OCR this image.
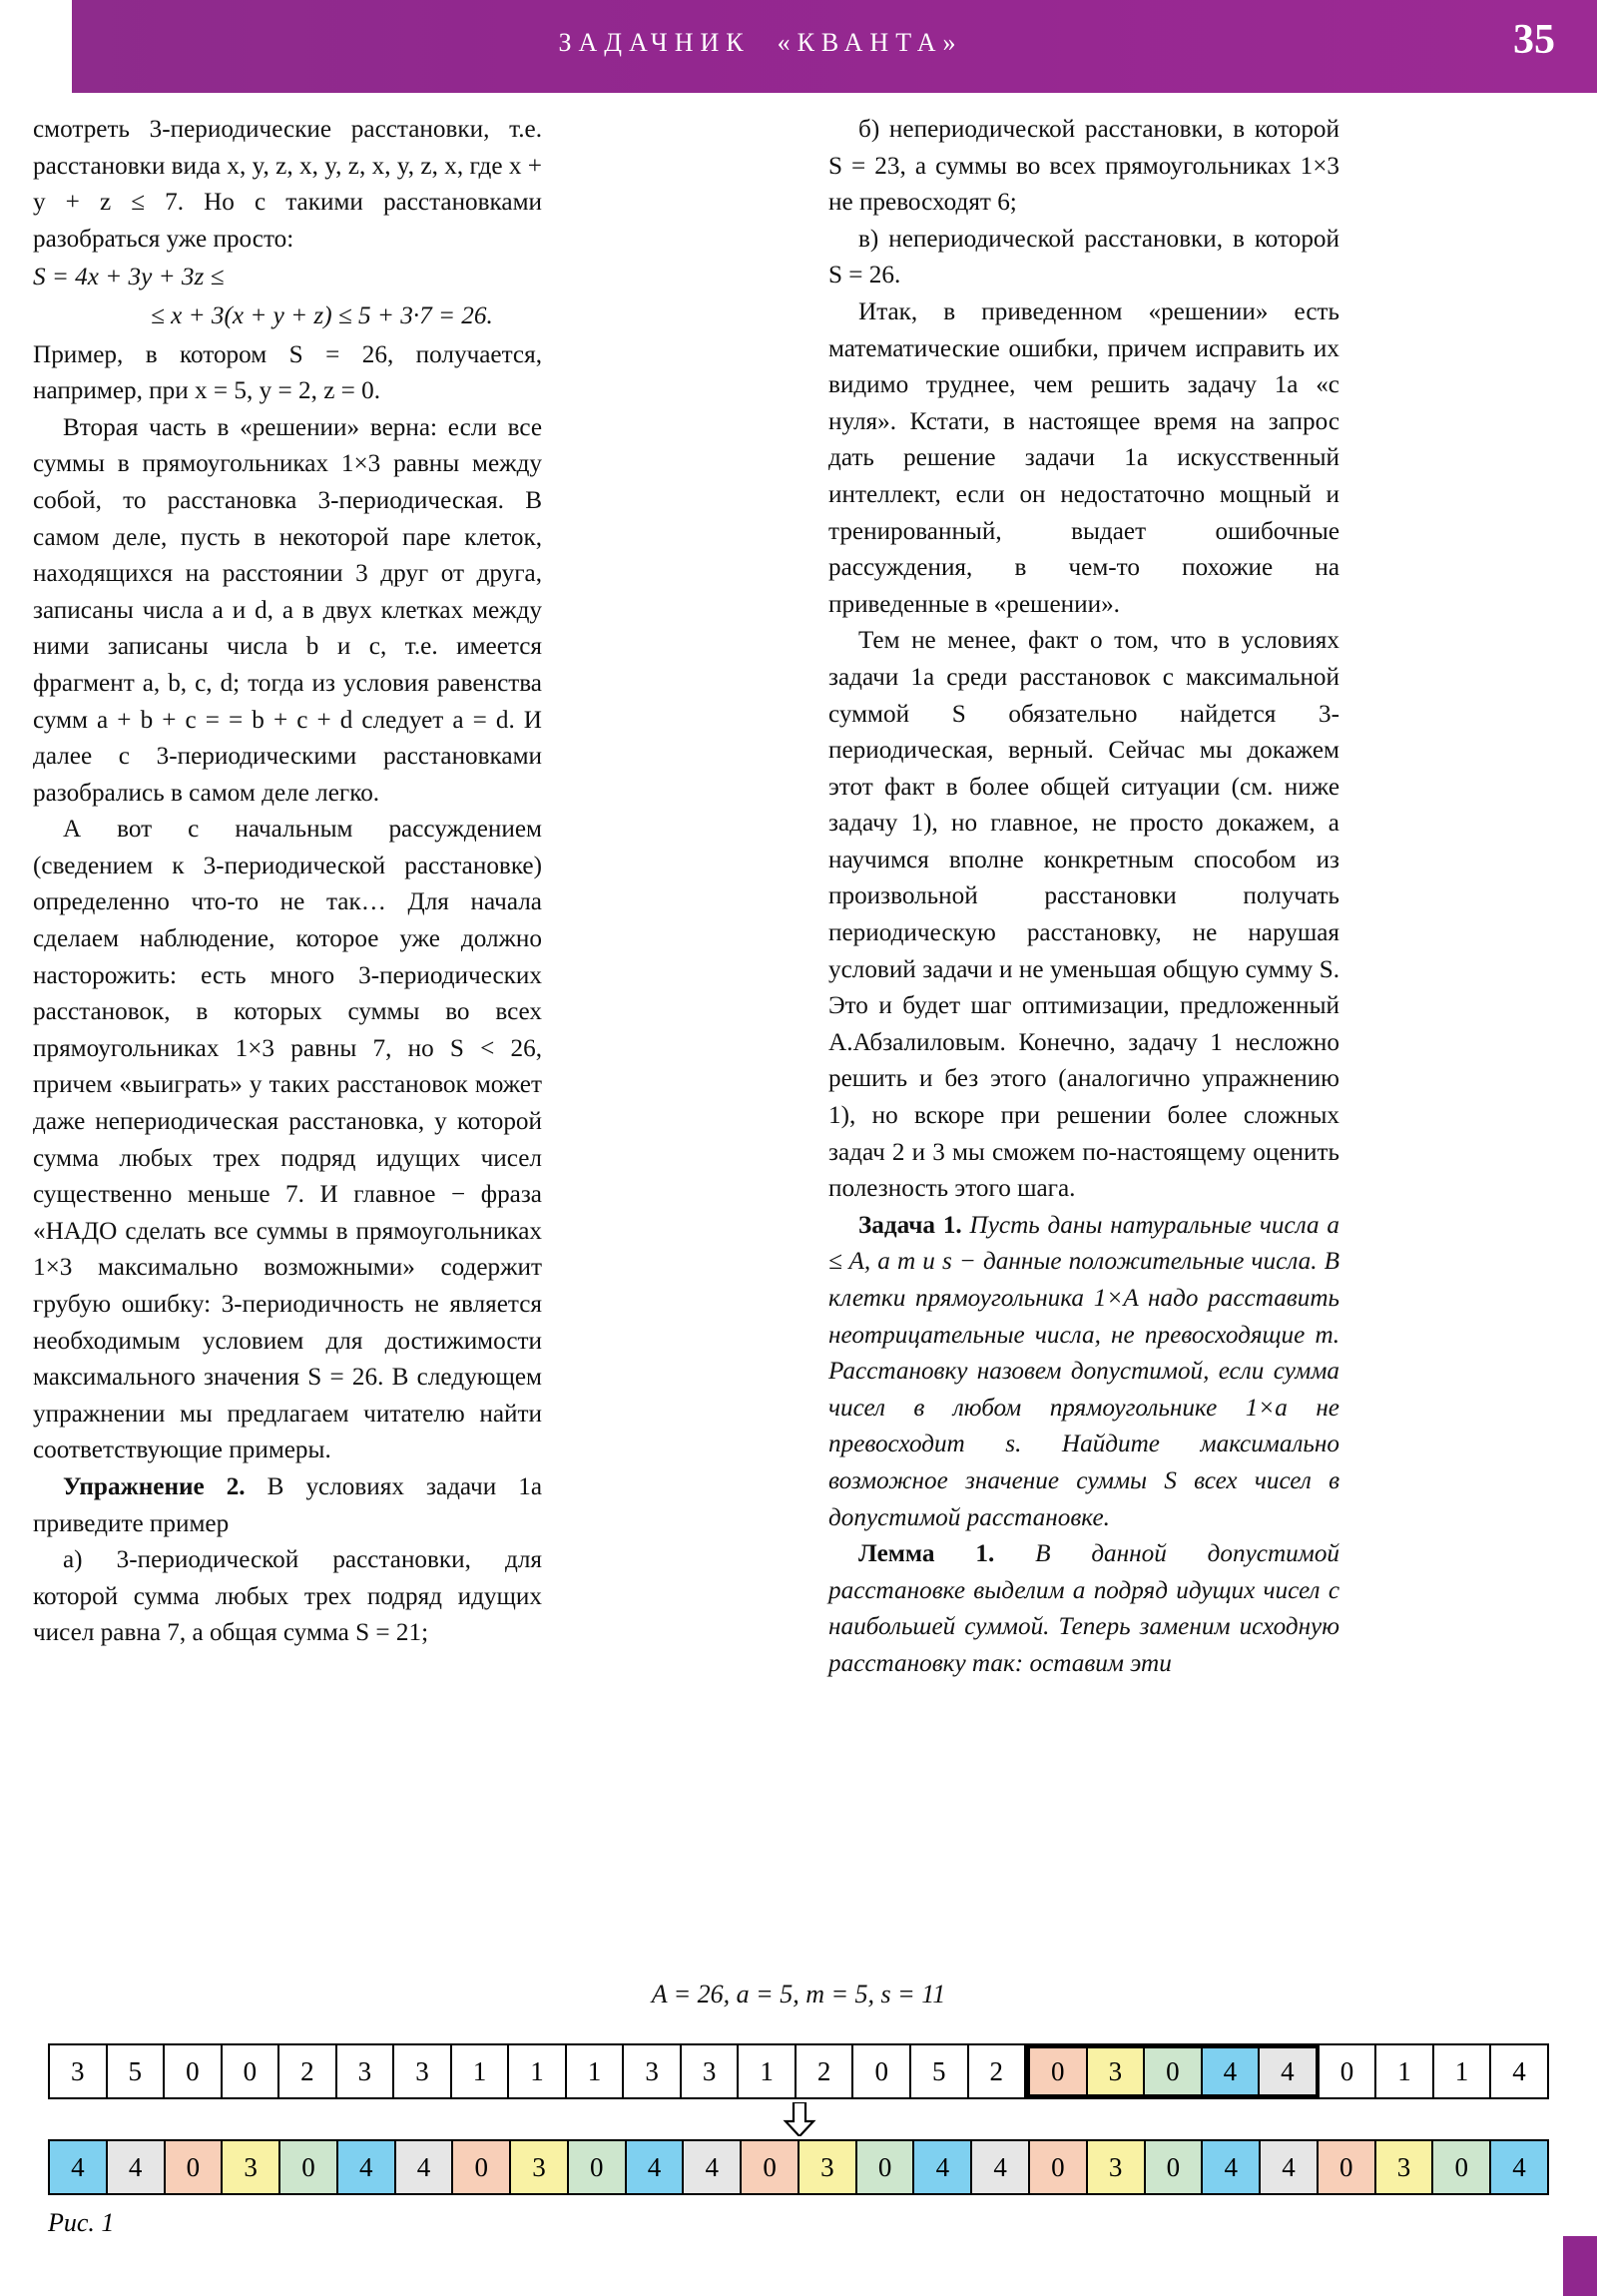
ЗАДАЧНИК  «КВАНТА»	35

смотреть 3-периодические расстановки, т.е. расстановки вида x, y, z, x, y, z, x, y, z, x, где x + y + z ≤ 7. Но с такими расстановками разобраться уже просто:

S = 4x + 3y + 3z ≤

≤ x + 3(x + y + z) ≤ 5 + 3·7 = 26.

Пример, в котором S = 26, получается, например, при x = 5, y = 2, z = 0.

Вторая часть в «решении» верна: если все суммы в прямоугольниках 1×3 равны между собой, то расстановка 3-периодическая. В самом деле, пусть в некоторой паре клеток, находящихся на расстоянии 3 друг от друга, записаны числа a и d, а в двух клетках между ними записаны числа b и c, т.е. имеется фрагмент a, b, c, d; тогда из условия равенства сумм a + b + c = = b + c + d следует a = d. И далее с 3-периодическими расстановками разобрались в самом деле легко.

А вот с начальным рассуждением (сведением к 3-периодической расстановке) определенно что-то не так… Для начала сделаем наблюдение, которое уже должно насторожить: есть много 3-периодических расстановок, в которых суммы во всех прямоугольниках 1×3 равны 7, но S < 26, причем «выиграть» у таких расстановок может даже непериодическая расстановка, у которой сумма любых трех подряд идущих чисел существенно меньше 7. И главное − фраза «НАДО сделать все суммы в прямоугольниках 1×3 максимально возможными» содержит грубую ошибку: 3-периодичность не является необходимым условием для достижимости максимального значения S = 26. В следующем упражнении мы предлагаем читателю найти соответствующие примеры.

Упражнение 2. В условиях задачи 1а приведите пример

а) 3-периодической расстановки, для которой сумма любых трех подряд идущих чисел равна 7, а общая сумма S = 21;

б) непериодической расстановки, в которой S = 23, а суммы во всех прямоугольниках 1×3 не превосходят 6;

в) непериодической расстановки, в которой S = 26.

Итак, в приведенном «решении» есть математические ошибки, причем исправить их видимо труднее, чем решить задачу 1а «с нуля». Кстати, в настоящее время на запрос дать решение задачи 1а искусственный интеллект, если он недостаточно мощный и тренированный, выдает ошибочные рассуждения, в чем-то похожие на приведенные в «решении».

Тем не менее, факт о том, что в условиях задачи 1а среди расстановок с максимальной суммой S обязательно найдется 3-периодическая, верный. Сейчас мы докажем этот факт в более общей ситуации (см. ниже задачу 1), но главное, не просто докажем, а научимся вполне конкретным способом из произвольной расстановки получать периодическую расстановку, не нарушая условий задачи и не уменьшая общую сумму S. Это и будет шаг оптимизации, предложенный А.Абзалиловым. Конечно, задачу 1 несложно решить и без этого (аналогично упражнению 1), но вскоре при решении более сложных задач 2 и 3 мы сможем по-настоящему оценить полезность этого шага.

Задача 1. Пусть даны натуральные числа a ≤ A, a m и s − данные положительные числа. В клетки прямоугольника 1×A надо расставить неотрицательные числа, не превосходящие m. Расстановку назовем допустимой, если сумма чисел в любом прямоугольнике 1×a не превосходит s. Найдите максимально возможное значение суммы S всех чисел в допустимой расстановке.

Лемма 1. В данной допустимой расстановке выделим a подряд идущих чисел с наибольшей суммой. Теперь заменим исходную расстановку так: оставим эти

A = 26, a = 5, m = 5, s = 11
3	5	0	0	2	3	3	1	1	1	3	3	1	2	0	5	2	0	3	0	4	4	0	1	1	4
4	4	0	3	0	4	4	0	3	0	4	4	0	3	0	4	4	0	3	0	4	4	0	3	0	4
Рис. 1
